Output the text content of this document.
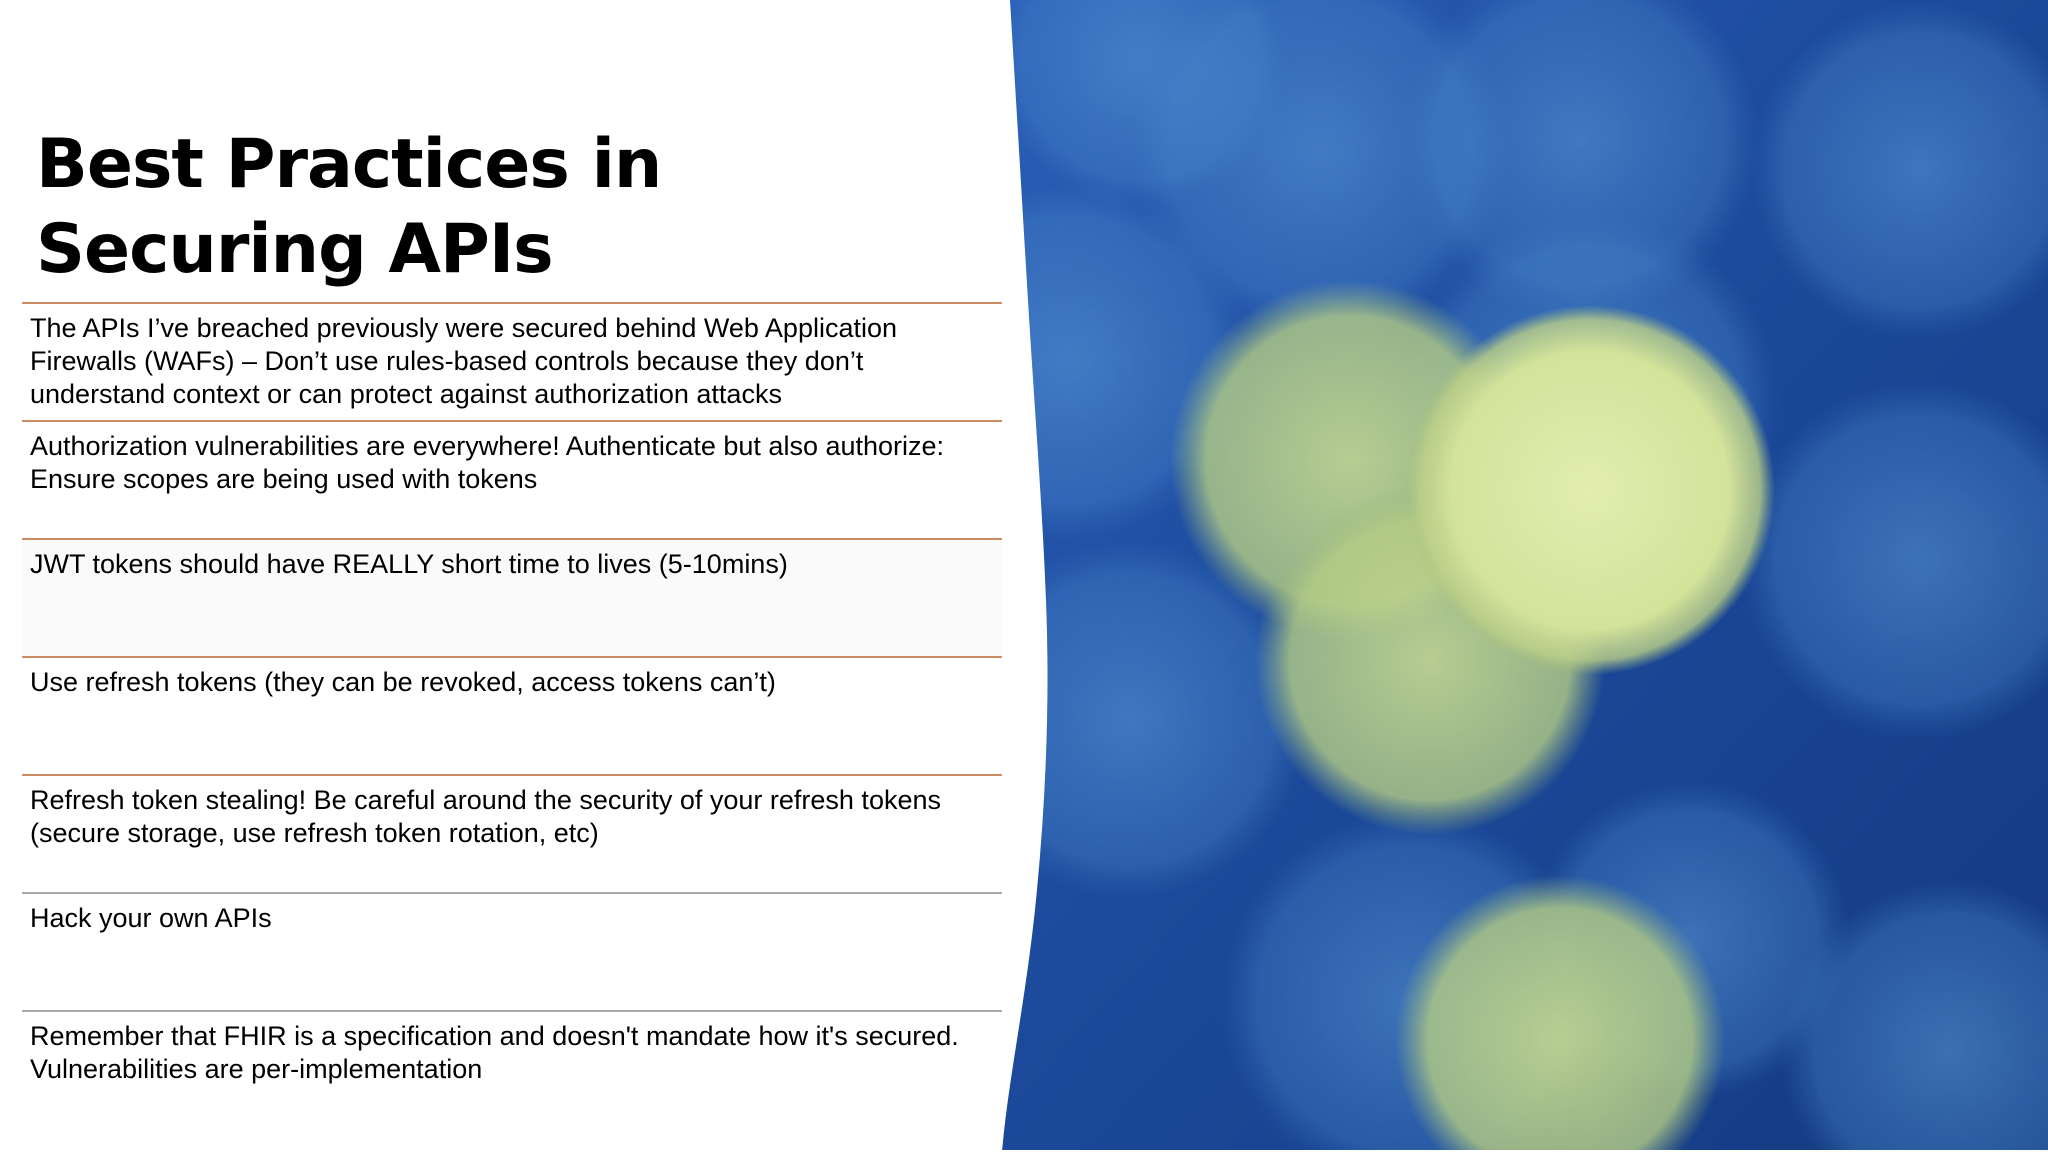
Best Practices in Securing APIs
The APIs I’ve breached previously were secured behind Web Application Firewalls (WAFs) – Don’t use rules-based controls because they don’t understand context or can protect against authorization attacks
Authorization vulnerabilities are everywhere! Authenticate but also authorize: Ensure scopes are being used with tokens
JWT tokens should have REALLY short time to lives (5-10mins)
Use refresh tokens (they can be revoked, access tokens can’t)
Refresh token stealing! Be careful around the security of your refresh tokens (secure storage, use refresh token rotation, etc)
Hack your own APIs
Remember that FHIR is a specification and doesn't mandate how it's secured. Vulnerabilities are per-implementation
